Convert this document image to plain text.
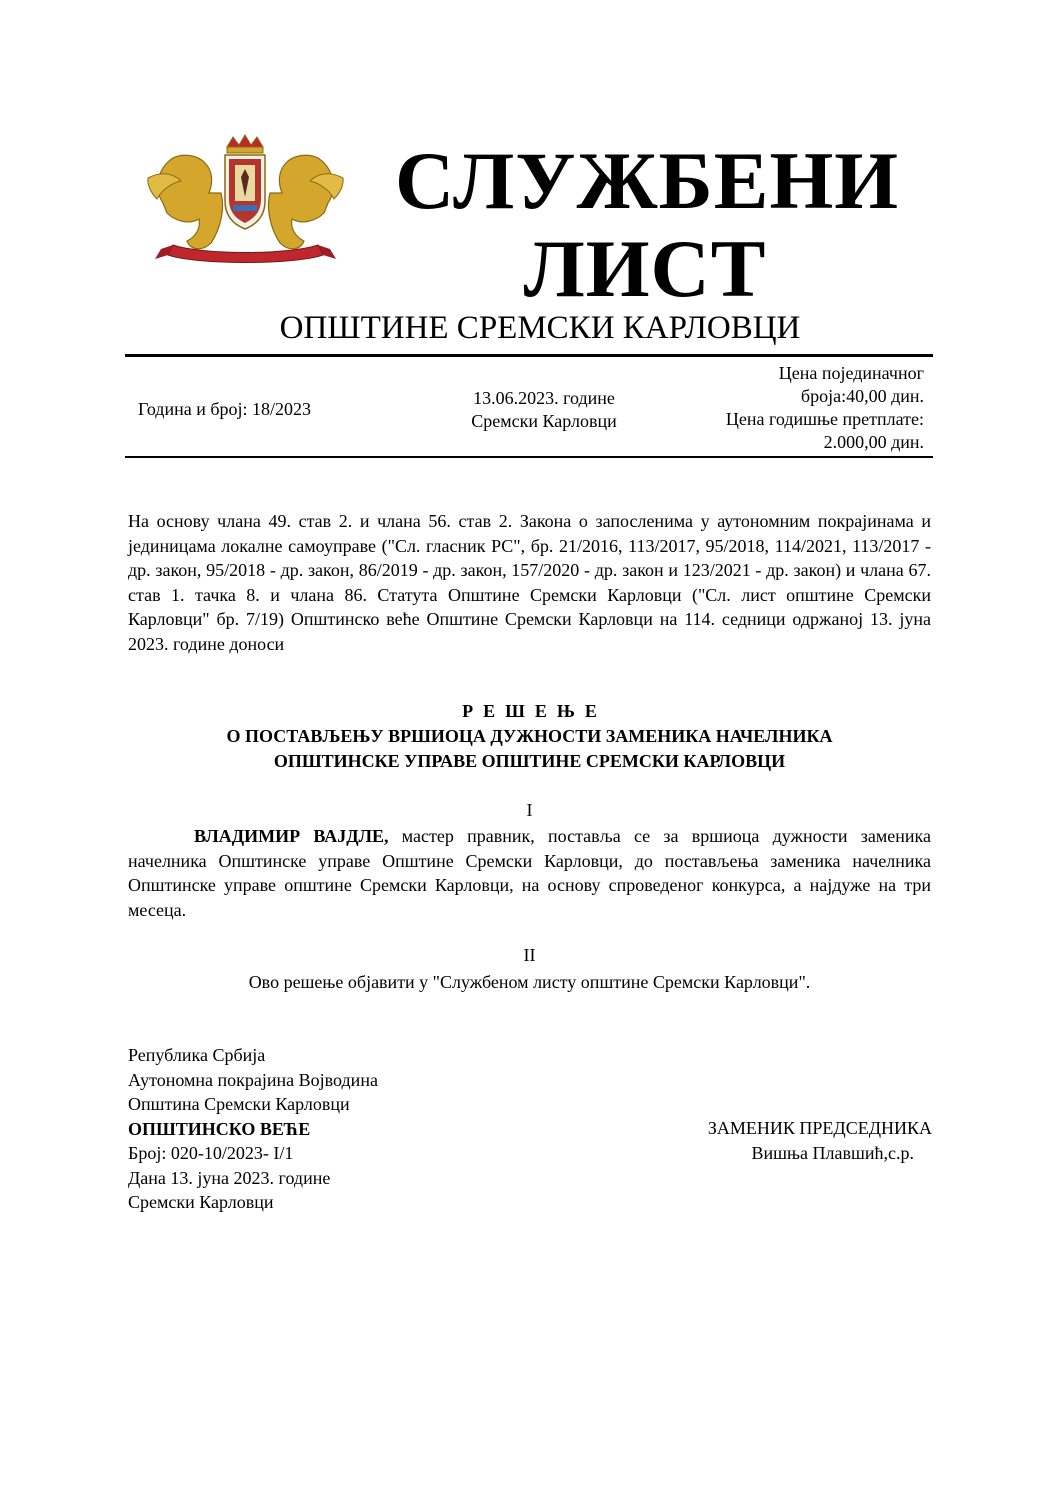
СЛУЖБЕНИ
ЛИСТ
ОПШТИНЕ СРЕМСКИ КАРЛОВЦИ
Година и број: 18/2023
13.06.2023. године
Сремски Карловци
Цена појединачног
броја:40,00 дин.
Цена годишње претплате:
2.000,00 дин.
На основу члана 49. став 2. и члана 56. став 2. Закона о запосленима у аутономним покрајинама и јединицама локалне самоуправе ("Сл. гласник РС", бр. 21/2016, 113/2017, 95/2018, 114/2021, 113/2017 - др. закон, 95/2018 - др. закон, 86/2019 - др. закон, 157/2020 - др. закон и 123/2021 - др. закон) и члана 67. став 1. тачка 8. и члана 86. Статута Општине Сремски Карловци ("Сл. лист општине Сремски Карловци" бр. 7/19) Општинско веће Општине Сремски Карловци на 114. седници одржаној 13. јуна 2023. године доноси
РЕШЕЊЕ
О ПОСТАВЉЕЊУ ВРШИОЦА ДУЖНОСТИ ЗАМЕНИКА НАЧЕЛНИКА
ОПШТИНСКЕ УПРАВЕ ОПШТИНЕ СРЕМСКИ КАРЛОВЦИ
I
ВЛАДИМИР ВАЈДЛЕ, мастер правник, поставља се за вршиоца дужности заменика начелника Општинске управе Општине Сремски Карловци, до постављења заменика начелника Општинске управе општине Сремски Карловци, на основу спроведеног конкурса, а најдуже на три месеца.
II
Ово решење објавити у "Службеном листу општине Сремски Карловци".
Република Србија
Аутономна покрајина Војводина
Општина Сремски Карловци
ОПШТИНСКО ВЕЋЕ
Број: 020-10/2023- I/1
Дана 13. јуна 2023. године
Сремски Карловци
ЗАМЕНИК ПРЕДСЕДНИКА
Вишња Плавшић,с.р.
